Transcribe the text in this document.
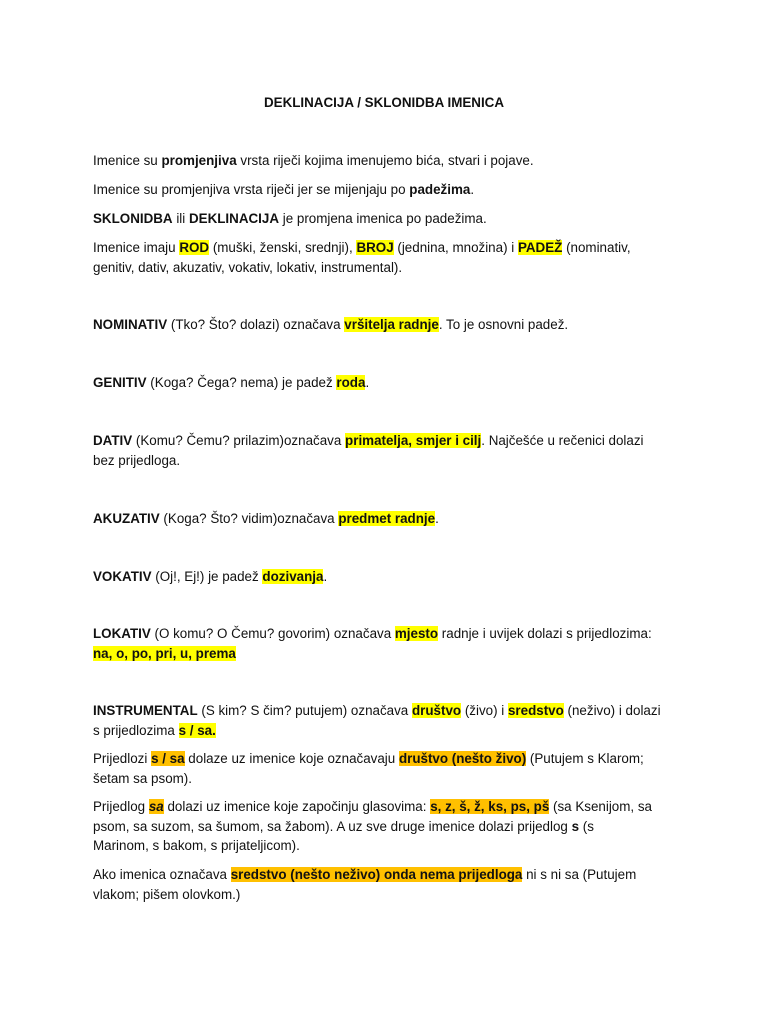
DEKLINACIJA / SKLONIDBA IMENICA
Imenice su promjenjiva vrsta riječi kojima imenujemo bića, stvari i pojave.
Imenice su promjenjiva vrsta riječi jer se mijenjaju po padežima.
SKLONIDBA ili DEKLINACIJA je promjena imenica po padežima.
Imenice imaju ROD (muški, ženski, srednji), BROJ (jednina, množina) i PADEŽ (nominativ,
genitiv, dativ, akuzativ, vokativ, lokativ, instrumental).
NOMINATIV (Tko? Što? dolazi) označava vršitelja radnje. To je osnovni padež.
GENITIV (Koga? Čega? nema) je padež roda.
DATIV (Komu? Čemu? prilazim)označava primatelja, smjer i cilj. Najčešće u rečenici dolazi
bez prijedloga.
AKUZATIV (Koga? Što? vidim)označava predmet radnje.
VOKATIV (Oj!, Ej!) je padež dozivanja.
LOKATIV (O komu? O Čemu? govorim) označava mjesto radnje i uvijek dolazi s prijedlozima:
na, o, po, pri, u, prema
INSTRUMENTAL (S kim? S čim? putujem) označava društvo (živo) i sredstvo (neživo) i dolazi
s prijedlozima s / sa.
Prijedlozi s / sa dolaze uz imenice koje označavaju društvo (nešto živo) (Putujem s Klarom;
šetam sa psom).
Prijedlog sa dolazi uz imenice koje započinju glasovima: s, z, š, ž, ks, ps, pš (sa Ksenijom, sa
psom, sa suzom, sa šumom, sa žabom). A uz sve druge imenice dolazi prijedlog s (s
Marinom, s bakom, s prijateljicom).
Ako imenica označava sredstvo (nešto neživo) onda nema prijedloga ni s ni sa (Putujem
vlakom; pišem olovkom.)
